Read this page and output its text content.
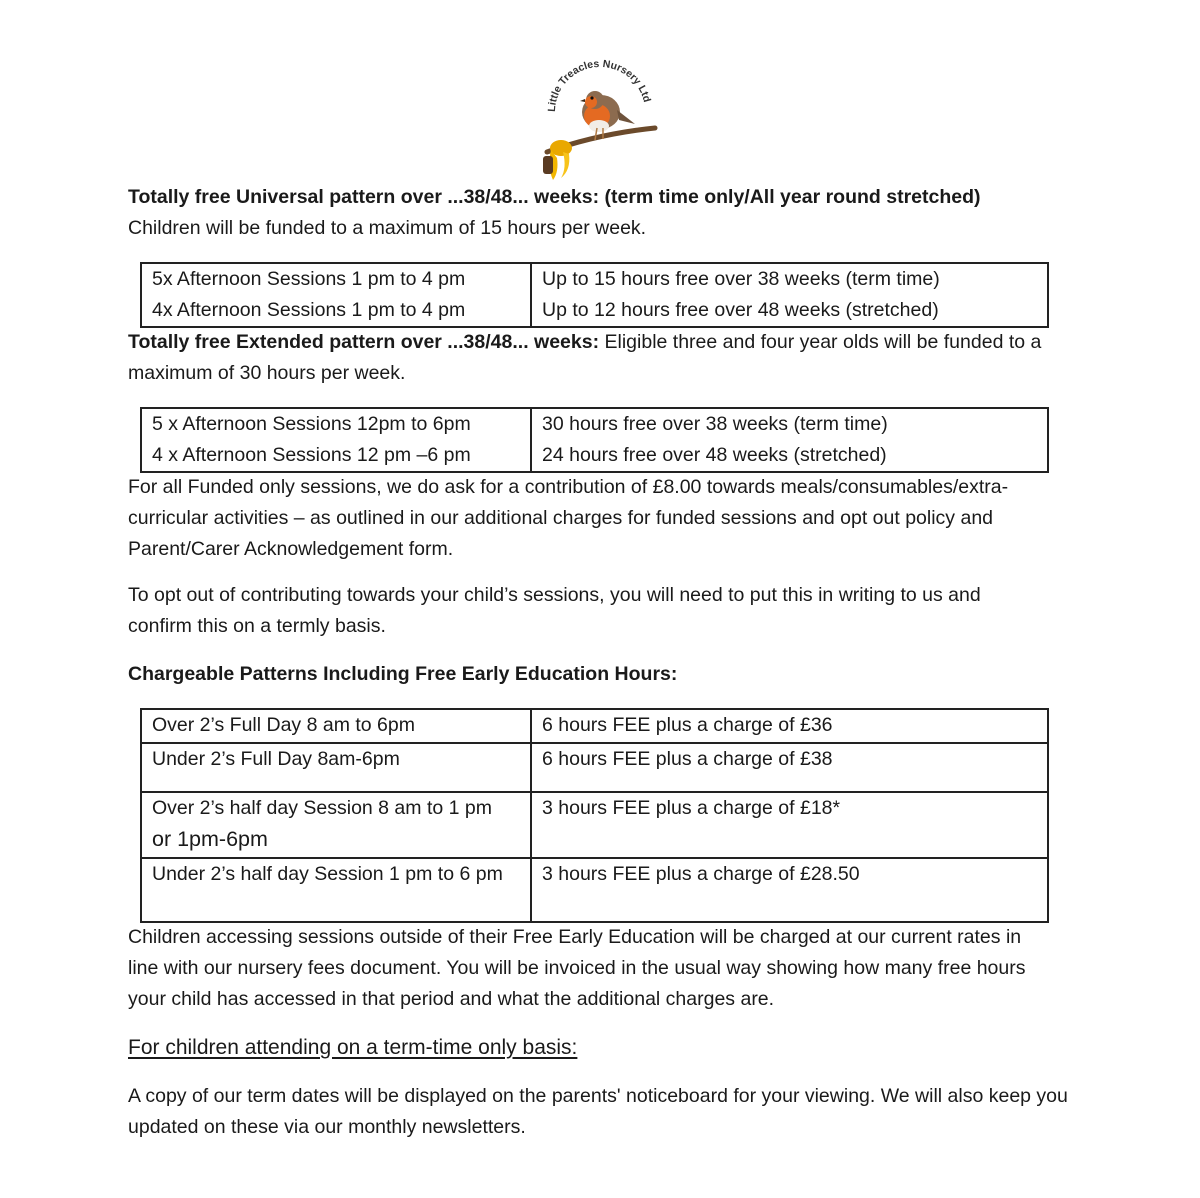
Little Treacles Nursery Ltd

Totally free Universal pattern over ...38/48... weeks: (term time only/All year round stretched)

Children will be funded to a maximum of 15 hours per week.

5x Afternoon Sessions 1 pm to 4 pm	Up to 15 hours free over 38 weeks (term time)
4x Afternoon Sessions 1 pm to 4 pm	Up to 12 hours free over 48 weeks (stretched)

Totally free Extended pattern over ...38/48... weeks: Eligible three and four year olds will be funded to a maximum of 30 hours per week.

5 x Afternoon Sessions 12pm to 6pm	30 hours free over 38 weeks (term time)
4 x Afternoon Sessions 12 pm –6 pm	24 hours free over 48 weeks (stretched)

For all Funded only sessions, we do ask for a contribution of £8.00 towards meals/consumables/extra-curricular activities – as outlined in our additional charges for funded sessions and opt out policy and Parent/Carer Acknowledgement form.

To opt out of contributing towards your child’s sessions, you will need to put this in writing to us and confirm this on a termly basis.

Chargeable Patterns Including Free Early Education Hours:

Over 2’s Full Day 8 am to 6pm	6 hours FEE plus a charge of £36
Under 2’s Full Day 8am-6pm	6 hours FEE plus a charge of £38

Over 2’s half day Session 8 am to 1 pm
or 1pm-6pm	3 hours FEE plus a charge of £18*
Under 2’s half day Session 1 pm to 6 pm	3 hours FEE plus a charge of £28.50

Children accessing sessions outside of their Free Early Education will be charged at our current rates in line with our nursery fees document. You will be invoiced in the usual way showing how many free hours your child has accessed in that period and what the additional charges are.

For children attending on a term-time only basis:

A copy of our term dates will be displayed on the parents' noticeboard for your viewing. We will also keep you updated on these via our monthly newsletters.
